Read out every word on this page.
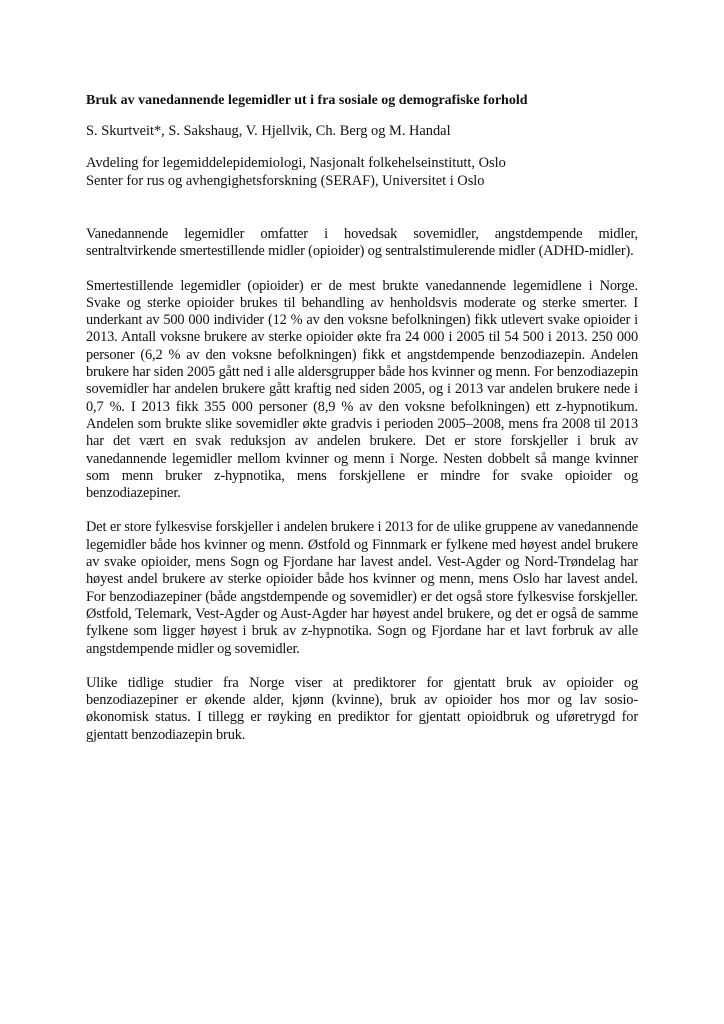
Bruk av vanedannende legemidler ut i fra sosiale og demografiske forhold
S. Skurtveit*, S. Sakshaug, V. Hjellvik, Ch. Berg og M. Handal
Avdeling for legemiddelepidemiologi, Nasjonalt folkehelseinstitutt, Oslo
Senter for rus og avhengighetsforskning (SERAF), Universitet i Oslo

Vanedannende legemidler omfatter i hovedsak sovemidler, angstdempende midler, sentraltvirkende smertestillende midler (opioider) og sentralstimulerende midler (ADHD-midler).

Smertestillende legemidler (opioider) er de mest brukte vanedannende legemidlene i Norge. Svake og sterke opioider brukes til behandling av henholdsvis moderate og sterke smerter. I underkant av 500 000 individer (12 % av den voksne befolkningen) fikk utlevert svake opioider i 2013. Antall voksne brukere av sterke opioider økte fra 24 000 i 2005 til 54 500 i 2013. 250 000 personer (6,2 % av den voksne befolkningen) fikk et angstdempende benzodiazepin. Andelen brukere har siden 2005 gått ned i alle aldersgrupper både hos kvinner og menn. For benzodiazepin sovemidler har andelen brukere gått kraftig ned siden 2005, og i 2013 var andelen brukere nede i 0,7 %. I 2013 fikk 355 000 personer (8,9 % av den voksne befolkningen) ett z-hypnotikum. Andelen som brukte slike sovemidler økte gradvis i perioden 2005–2008, mens fra 2008 til 2013 har det vært en svak reduksjon av andelen brukere. Det er store forskjeller i bruk av vanedannende legemidler mellom kvinner og menn i Norge. Nesten dobbelt så mange kvinner som menn bruker z-hypnotika, mens forskjellene er mindre for svake opioider og benzodiazepiner.

Det er store fylkesvise forskjeller i andelen brukere i 2013 for de ulike gruppene av vanedannende legemidler både hos kvinner og menn. Østfold og Finnmark er fylkene med høyest andel brukere av svake opioider, mens Sogn og Fjordane har lavest andel. Vest-Agder og Nord-Trøndelag har høyest andel brukere av sterke opioider både hos kvinner og menn, mens Oslo har lavest andel. For benzodiazepiner (både angstdempende og sovemidler) er det også store fylkesvise forskjeller. Østfold, Telemark, Vest-Agder og Aust-Agder har høyest andel brukere, og det er også de samme fylkene som ligger høyest i bruk av z-hypnotika. Sogn og Fjordane har et lavt forbruk av alle angstdempende midler og sovemidler.

Ulike tidlige studier fra Norge viser at prediktorer for gjentatt bruk av opioider og benzodiazepiner er økende alder, kjønn (kvinne), bruk av opioider hos mor og lav sosio-økonomisk status. I tillegg er røyking en prediktor for gjentatt opioidbruk og uføretrygd for gjentatt benzodiazepin bruk.
